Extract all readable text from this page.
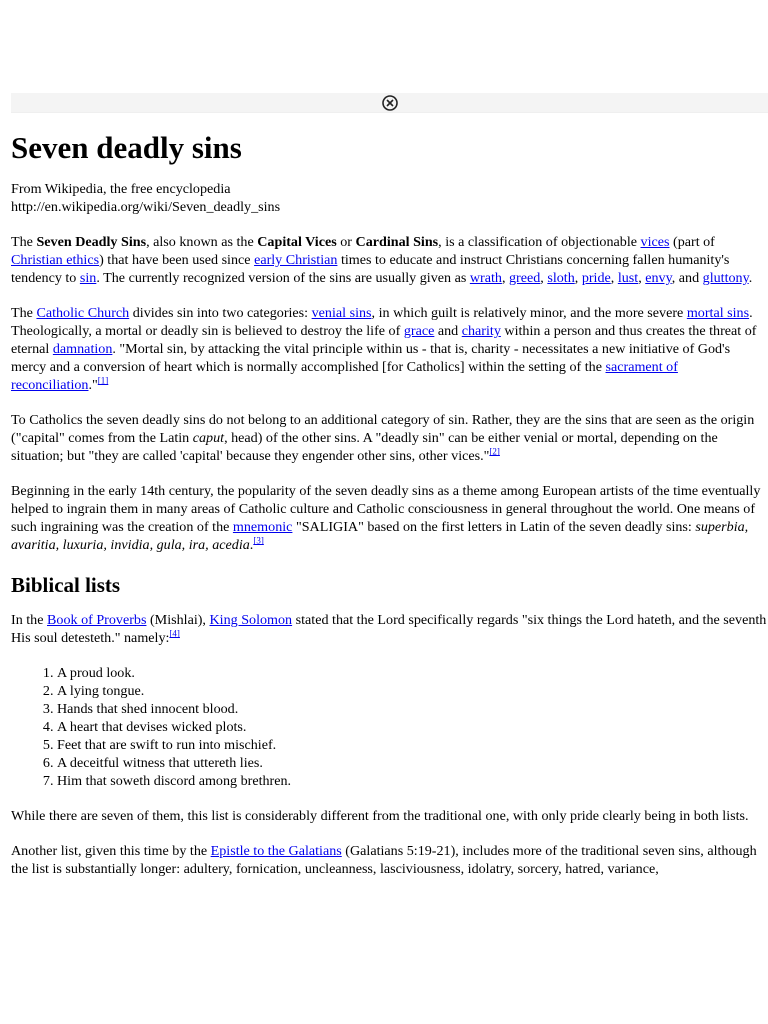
Seven deadly sins

From Wikipedia, the free encyclopedia
http://en.wikipedia.org/wiki/Seven_deadly_sins

The Seven Deadly Sins, also known as the Capital Vices or Cardinal Sins, is a classification of objectionable vices (part of Christian ethics) that have been used since early Christian times to educate and instruct Christians concerning fallen humanity's tendency to sin. The currently recognized version of the sins are usually given as wrath, greed, sloth, pride, lust, envy, and gluttony.

The Catholic Church divides sin into two categories: venial sins, in which guilt is relatively minor, and the more severe mortal sins. Theologically, a mortal or deadly sin is believed to destroy the life of grace and charity within a person and thus creates the threat of eternal damnation. "Mortal sin, by attacking the vital principle within us - that is, charity - necessitates a new initiative of God's mercy and a conversion of heart which is normally accomplished [for Catholics] within the setting of the sacrament of reconciliation."[1]

To Catholics the seven deadly sins do not belong to an additional category of sin. Rather, they are the sins that are seen as the origin ("capital" comes from the Latin caput, head) of the other sins. A "deadly sin" can be either venial or mortal, depending on the situation; but "they are called 'capital' because they engender other sins, other vices."[2]

Beginning in the early 14th century, the popularity of the seven deadly sins as a theme among European artists of the time eventually helped to ingrain them in many areas of Catholic culture and Catholic consciousness in general throughout the world. One means of such ingraining was the creation of the mnemonic "SALIGIA" based on the first letters in Latin of the seven deadly sins: superbia, avaritia, luxuria, invidia, gula, ira, acedia.[3]

Biblical lists

In the Book of Proverbs (Mishlai), King Solomon stated that the Lord specifically regards "six things the Lord hateth, and the seventh His soul detesteth." namely:[4]

1. A proud look.
2. A lying tongue.
3. Hands that shed innocent blood.
4. A heart that devises wicked plots.
5. Feet that are swift to run into mischief.
6. A deceitful witness that uttereth lies.
7. Him that soweth discord among brethren.

While there are seven of them, this list is considerably different from the traditional one, with only pride clearly being in both lists.

Another list, given this time by the Epistle to the Galatians (Galatians 5:19-21), includes more of the traditional seven sins, although the list is substantially longer: adultery, fornication, uncleanness, lasciviousness, idolatry, sorcery, hatred, variance,
